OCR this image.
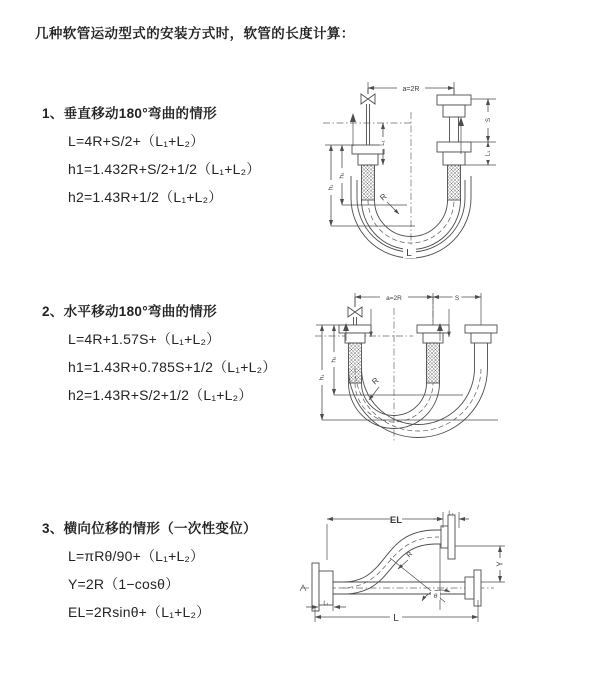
几种软管运动型式的安装方式时，软管的长度计算：
1、垂直移动180°弯曲的情形
L=4R+S/2+（L₁+L₂）
h1=1.432R+S/2+1/2（L₁+L₂）
h2=1.43R+1/2（L₁+L₂）
2、水平移动180°弯曲的情形
L=4R+1.57S+（L₁+L₂）
h1=1.43R+0.785S+1/2（L₁+L₂）
h2=1.43R+S/2+1/2（L₁+L₂）
3、横向位移的情形（一次性变位）
L=πRθ/90+（L₁+L₂）
Y=2R（1−cosθ）
EL=2Rsinθ+（L₁+L₂）
a=2R
S
L₁
h₁
h₂
L₁
R
L
a=2R	S
h₁
h₂
R
EL
L₁
Y
θ
R
L₁
L
